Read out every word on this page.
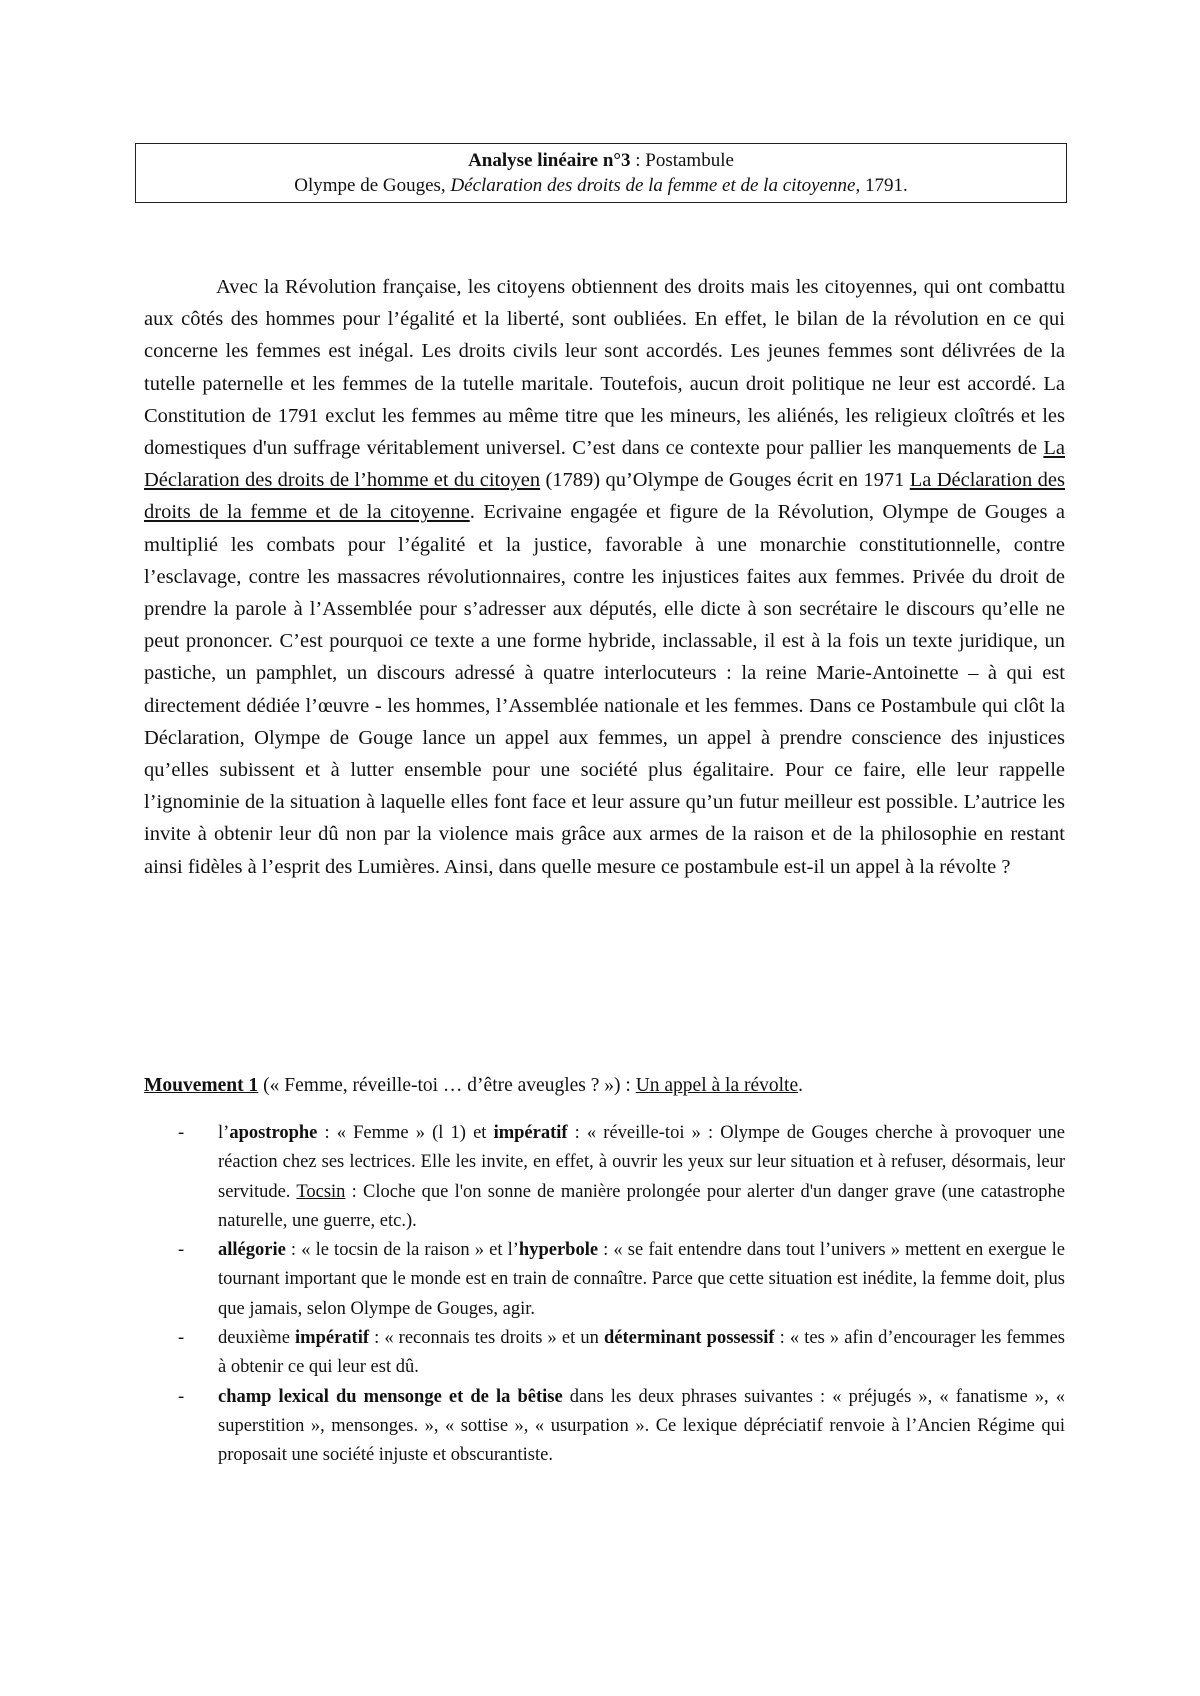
Analyse linéaire n°3 : Postambule
Olympe de Gouges, Déclaration des droits de la femme et de la citoyenne, 1791.

Avec la Révolution française, les citoyens obtiennent des droits mais les citoyennes, qui ont combattu aux côtés des hommes pour l’égalité et la liberté, sont oubliées. En effet, le bilan de la révolution en ce qui concerne les femmes est inégal. Les droits civils leur sont accordés. Les jeunes femmes sont délivrées de la tutelle paternelle et les femmes de la tutelle maritale. Toutefois, aucun droit politique ne leur est accordé. La Constitution de 1791 exclut les femmes au même titre que les mineurs, les aliénés, les religieux cloîtrés et les domestiques d'un suffrage véritablement universel. C’est dans ce contexte pour pallier les manquements de La Déclaration des droits de l’homme et du citoyen (1789) qu’Olympe de Gouges écrit en 1971 La Déclaration des droits de la femme et de la citoyenne. Ecrivaine engagée et figure de la Révolution, Olympe de Gouges a multiplié les combats pour l’égalité et la justice, favorable à une monarchie constitutionnelle, contre l’esclavage, contre les massacres révolutionnaires, contre les injustices faites aux femmes. Privée du droit de prendre la parole à l’Assemblée pour s’adresser aux députés, elle dicte à son secrétaire le discours qu’elle ne peut prononcer. C’est pourquoi ce texte a une forme hybride, inclassable, il est à la fois un texte juridique, un pastiche, un pamphlet, un discours adressé à quatre interlocuteurs : la reine Marie-Antoinette – à qui est directement dédiée l’œuvre - les hommes, l’Assemblée nationale et les femmes. Dans ce Postambule qui clôt la Déclaration, Olympe de Gouge lance un appel aux femmes, un appel à prendre conscience des injustices qu’elles subissent et à lutter ensemble pour une société plus égalitaire. Pour ce faire, elle leur rappelle l’ignominie de la situation à laquelle elles font face et leur assure qu’un futur meilleur est possible. L’autrice les invite à obtenir leur dû non par la violence mais grâce aux armes de la raison et de la philosophie en restant ainsi fidèles à l’esprit des Lumières. Ainsi, dans quelle mesure ce postambule est-il un appel à la révolte ?

Mouvement 1 (« Femme, réveille-toi … d’être aveugles ? ») : Un appel à la révolte.

- l’apostrophe : « Femme » (l 1) et impératif : « réveille-toi » : Olympe de Gouges cherche à provoquer une réaction chez ses lectrices. Elle les invite, en effet, à ouvrir les yeux sur leur situation et à refuser, désormais, leur servitude. Tocsin : Cloche que l'on sonne de manière prolongée pour alerter d'un danger grave (une catastrophe naturelle, une guerre, etc.).
- allégorie : « le tocsin de la raison » et l’hyperbole : « se fait entendre dans tout l’univers » mettent en exergue le tournant important que le monde est en train de connaître. Parce que cette situation est inédite, la femme doit, plus que jamais, selon Olympe de Gouges, agir.
- deuxième impératif : « reconnais tes droits » et un déterminant possessif : « tes » afin d’encourager les femmes à obtenir ce qui leur est dû.
- champ lexical du mensonge et de la bêtise dans les deux phrases suivantes : « préjugés », « fanatisme », « superstition », mensonges. », « sottise », « usurpation ». Ce lexique dépréciatif renvoie à l’Ancien Régime qui proposait une société injuste et obscurantiste.
